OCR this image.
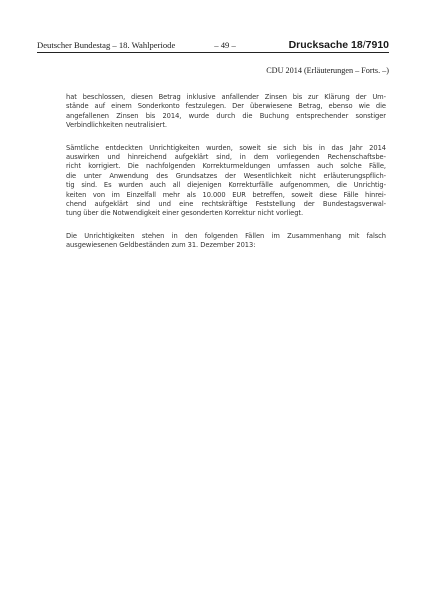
Deutscher Bundestag – 18. Wahlperiode	– 49 –	Drucksache 18/7910
CDU 2014 (Erläuterungen – Forts. –)

hat beschlossen, diesen Betrag inklusive anfallender Zinsen bis zur Klärung der Um-
stände auf einem Sonderkonto festzulegen. Der überwiesene Betrag, ebenso wie die
angefallenen Zinsen bis 2014, wurde durch die Buchung entsprechender sonstiger
Verbindlichkeiten neutralisiert.

Sämtliche entdeckten Unrichtigkeiten wurden, soweit sie sich bis in das Jahr 2014
auswirken und hinreichend aufgeklärt sind, in dem vorliegenden Rechenschaftsbe-
richt korrigiert. Die nachfolgenden Korrekturmeldungen umfassen auch solche Fälle,
die unter Anwendung des Grundsatzes der Wesentlichkeit nicht erläuterungspflich-
tig sind. Es wurden auch all diejenigen Korrekturfälle aufgenommen, die Unrichtig-
keiten von im Einzelfall mehr als 10.000 EUR betreffen, soweit diese Fälle hinrei-
chend aufgeklärt sind und eine rechtskräftige Feststellung der Bundestagsverwal-
tung über die Notwendigkeit einer gesonderten Korrektur nicht vorliegt.

Die Unrichtigkeiten stehen in den folgenden Fällen im Zusammenhang mit falsch
ausgewiesenen Geldbeständen zum 31. Dezember 2013:
